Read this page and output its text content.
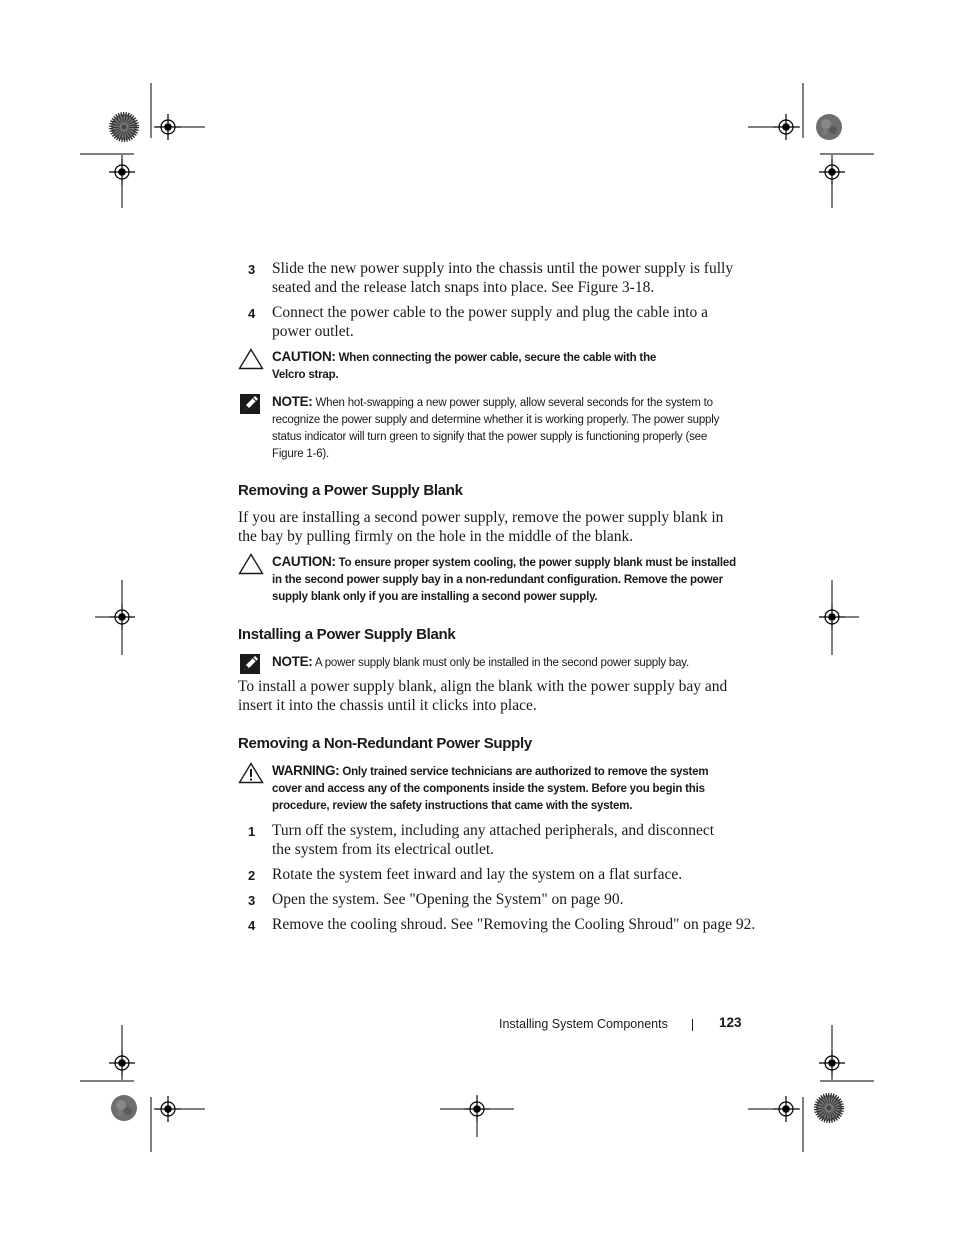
3	Slide the new power supply into the chassis until the power supply is fully seated and the release latch snaps into place. See Figure 3-18.
4	Connect the power cable to the power supply and plug the cable into a power outlet.
CAUTION: When connecting the power cable, secure the cable with the Velcro strap.
NOTE: When hot-swapping a new power supply, allow several seconds for the system to recognize the power supply and determine whether it is working properly. The power supply status indicator will turn green to signify that the power supply is functioning properly (see Figure 1-6).
Removing a Power Supply Blank
If you are installing a second power supply, remove the power supply blank in the bay by pulling firmly on the hole in the middle of the blank.
CAUTION: To ensure proper system cooling, the power supply blank must be installed in the second power supply bay in a non-redundant configuration. Remove the power supply blank only if you are installing a second power supply.
Installing a Power Supply Blank
NOTE: A power supply blank must only be installed in the second power supply bay.
To install a power supply blank, align the blank with the power supply bay and insert it into the chassis until it clicks into place.
Removing a Non-Redundant Power Supply
WARNING: Only trained service technicians are authorized to remove the system cover and access any of the components inside the system. Before you begin this procedure, review the safety instructions that came with the system.
1	Turn off the system, including any attached peripherals, and disconnect the system from its electrical outlet.
2	Rotate the system feet inward and lay the system on a flat surface.
3	Open the system. See "Opening the System" on page 90.
4	Remove the cooling shroud. See "Removing the Cooling Shroud" on page 92.
Installing System Components	123
